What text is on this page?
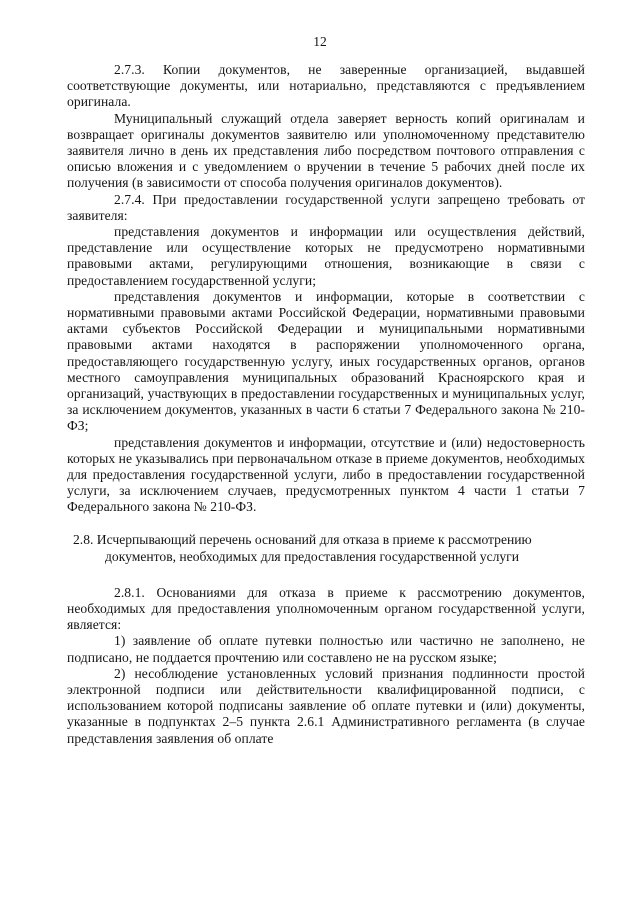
12

2.7.3. Копии документов, не заверенные организацией, выдавшей соответствующие документы, или нотариально, представляются с предъявлением оригинала.

Муниципальный служащий отдела заверяет верность копий оригиналам и возвращает оригиналы документов заявителю или уполномоченному представителю заявителя лично в день их представления либо посредством почтового отправления с описью вложения и с уведомлением о вручении в течение 5 рабочих дней после их получения (в зависимости от способа получения оригиналов документов).

2.7.4. При предоставлении государственной услуги запрещено требовать от заявителя:

представления документов и информации или осуществления действий, представление или осуществление которых не предусмотрено нормативными правовыми актами, регулирующими отношения, возникающие в связи с предоставлением государственной услуги;

представления документов и информации, которые в соответствии с нормативными правовыми актами Российской Федерации, нормативными правовыми актами субъектов Российской Федерации и муниципальными нормативными правовыми актами находятся в распоряжении уполномоченного органа, предоставляющего государственную услугу, иных государственных органов, органов местного самоуправления муниципальных образований Красноярского края и организаций, участвующих в предоставлении государственных и муниципальных услуг, за исключением документов, указанных в части 6 статьи 7 Федерального закона № 210-ФЗ;

представления документов и информации, отсутствие и (или) недостоверность которых не указывались при первоначальном отказе в приеме документов, необходимых для предоставления государственной услуги, либо в предоставлении государственной услуги, за исключением случаев, предусмотренных пунктом 4 части 1 статьи 7 Федерального закона № 210-ФЗ.

2.8. Исчерпывающий перечень оснований для отказа в приеме к рассмотрению
документов, необходимых для предоставления государственной услуги

2.8.1. Основаниями для отказа в приеме к рассмотрению документов, необходимых для предоставления уполномоченным органом государственной услуги, является:

1) заявление об оплате путевки полностью или частично не заполнено, не подписано, не поддается прочтению или составлено не на русском языке;

2) несоблюдение установленных условий признания подлинности простой электронной подписи или действительности квалифицированной подписи, с использованием которой подписаны заявление об оплате путевки и (или) документы, указанные в подпунктах 2–5 пункта 2.6.1 Административного регламента (в случае представления заявления об оплате
